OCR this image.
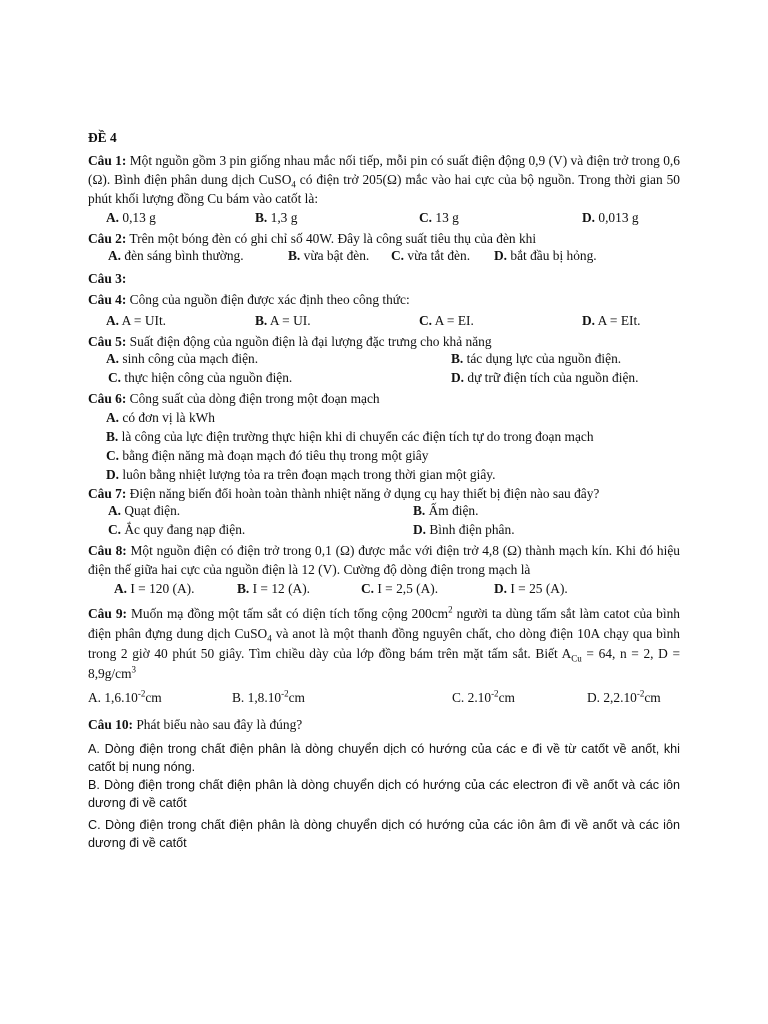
ĐỀ 4
Câu 1: Một nguồn gồm 3 pin giống nhau mắc nối tiếp, mỗi pin có suất điện động 0,9 (V) và điện trở trong 0,6 (Ω). Bình điện phân dung dịch CuSO$_4$ có điện trở 205(Ω) mắc vào hai cực của bộ nguồn. Trong thời gian 50 phút khối lượng đồng Cu bám vào catốt là:
A. 0,13 g	B. 1,3 g	C. 13 g	D. 0,013 g
Câu 2: Trên một bóng đèn có ghi chỉ số 40W. Đây là công suất tiêu thụ của đèn khi
A. đèn sáng bình thường.	B. vừa bật đèn. C. vừa tắt đèn. D. bắt đầu bị hỏng.
Câu 3:
Câu 4: Công của nguồn điện được xác định theo công thức:
A. A = UIt.	B. A = UI.	C. A = EI.	D. A = EIt.
Câu 5: Suất điện động của nguồn điện là đại lượng đặc trưng cho khả năng
A. sinh công của mạch điện.	B. tác dụng lực của nguồn điện.
C. thực hiện công của nguồn điện.	D. dự trữ điện tích của nguồn điện.
Câu 6: Công suất của dòng điện trong một đoạn mạch
A. có đơn vị là kWh
B. là công của lực điện trường thực hiện khi di chuyển các điện tích tự do trong đoạn mạch
C. bằng điện năng mà đoạn mạch đó tiêu thụ trong một giây
D. luôn bằng nhiệt lượng tỏa ra trên đoạn mạch trong thời gian một giây.
Câu 7: Điện năng biến đổi hoàn toàn thành nhiệt năng ở dụng cụ hay thiết bị điện nào sau đây?
A. Quạt điện.	B. Ấm điện.
C. Ắc quy đang nạp điện.	D. Bình điện phân.
Câu 8: Một nguồn điện có điện trở trong 0,1 (Ω) được mắc với điện trở 4,8 (Ω) thành mạch kín. Khi đó hiệu điện thế giữa hai cực của nguồn điện là 12 (V). Cường độ dòng điện trong mạch là
A. I = 120 (A).	B. I = 12 (A).	C. I = 2,5 (A).	D. I = 25 (A).
Câu 9: Muốn mạ đồng một tấm sắt có diện tích tổng cộng $200cm^2$ người ta dùng tấm sắt làm catot của bình điện phân đựng dung dịch CuSO$_4$ và anot là một thanh đồng nguyên chất, cho dòng điện 10A chạy qua bình trong 2 giờ 40 phút 50 giây. Tìm chiều dày của lớp đồng bám trên mặt tấm sắt. Biết $A_{Cu} = 64$, n = 2, $D = 8,9g/cm^3$
A. $1,6.10^{-2}cm$	B. $1,8.10^{-2}cm$	C. $2.10^{-2}cm$	D. $2,2.10^{-2}cm$
Câu 10: Phát biểu nào sau đây là đúng?
A. Dòng điện trong chất điện phân là dòng chuyển dịch có hướng của các e đi về từ catốt về anốt, khi catốt bị nung nóng.
B. Dòng điện trong chất điện phân là dòng chuyển dịch có hướng của các electron đi về anốt và các iôn dương đi về catốt
C. Dòng điện trong chất điện phân là dòng chuyển dịch có hướng của các iôn âm đi về anốt và các iôn dương đi về catốt
